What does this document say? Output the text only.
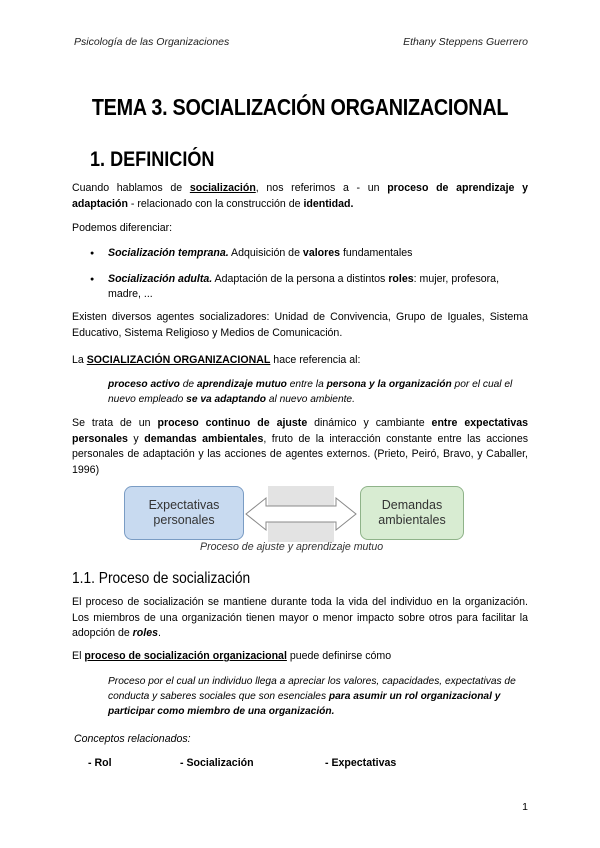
Psicología de las Organizaciones	Ethany Steppens Guerrero
TEMA 3. SOCIALIZACIÓN ORGANIZACIONAL
1. DEFINICIÓN
Cuando hablamos de socialización, nos referimos a - un proceso de aprendizaje y adaptación - relacionado con la construcción de identidad.
Podemos diferenciar:
● Socialización temprana. Adquisición de valores fundamentales
● Socialización adulta. Adaptación de la persona a distintos roles: mujer, profesora, madre, ...
Existen diversos agentes socializadores: Unidad de Convivencia, Grupo de Iguales, Sistema Educativo, Sistema Religioso y Medios de Comunicación.
La SOCIALIZACIÓN ORGANIZACIONAL hace referencia al:
proceso activo de aprendizaje mutuo entre la persona y la organización por el cual el nuevo empleado se va adaptando al nuevo ambiente.
Se trata de un proceso continuo de ajuste dinámico y cambiante entre expectativas personales y demandas ambientales, fruto de la interacción constante entre las acciones personales de adaptación y las acciones de agentes externos. (Prieto, Peiró, Bravo, y Caballer, 1996)
Expectativas personales
Demandas ambientales
Proceso de ajuste y aprendizaje mutuo
1.1. Proceso de socialización
El proceso de socialización se mantiene durante toda la vida del individuo en la organización. Los miembros de una organización tienen mayor o menor impacto sobre otros para facilitar la adopción de roles.
El proceso de socialización organizacional puede definirse cómo
Proceso por el cual un individuo llega a apreciar los valores, capacidades, expectativas de conducta y saberes sociales que son esenciales para asumir un rol organizacional y participar como miembro de una organización.
Conceptos relacionados:
- Rol	- Socialización	- Expectativas
1
